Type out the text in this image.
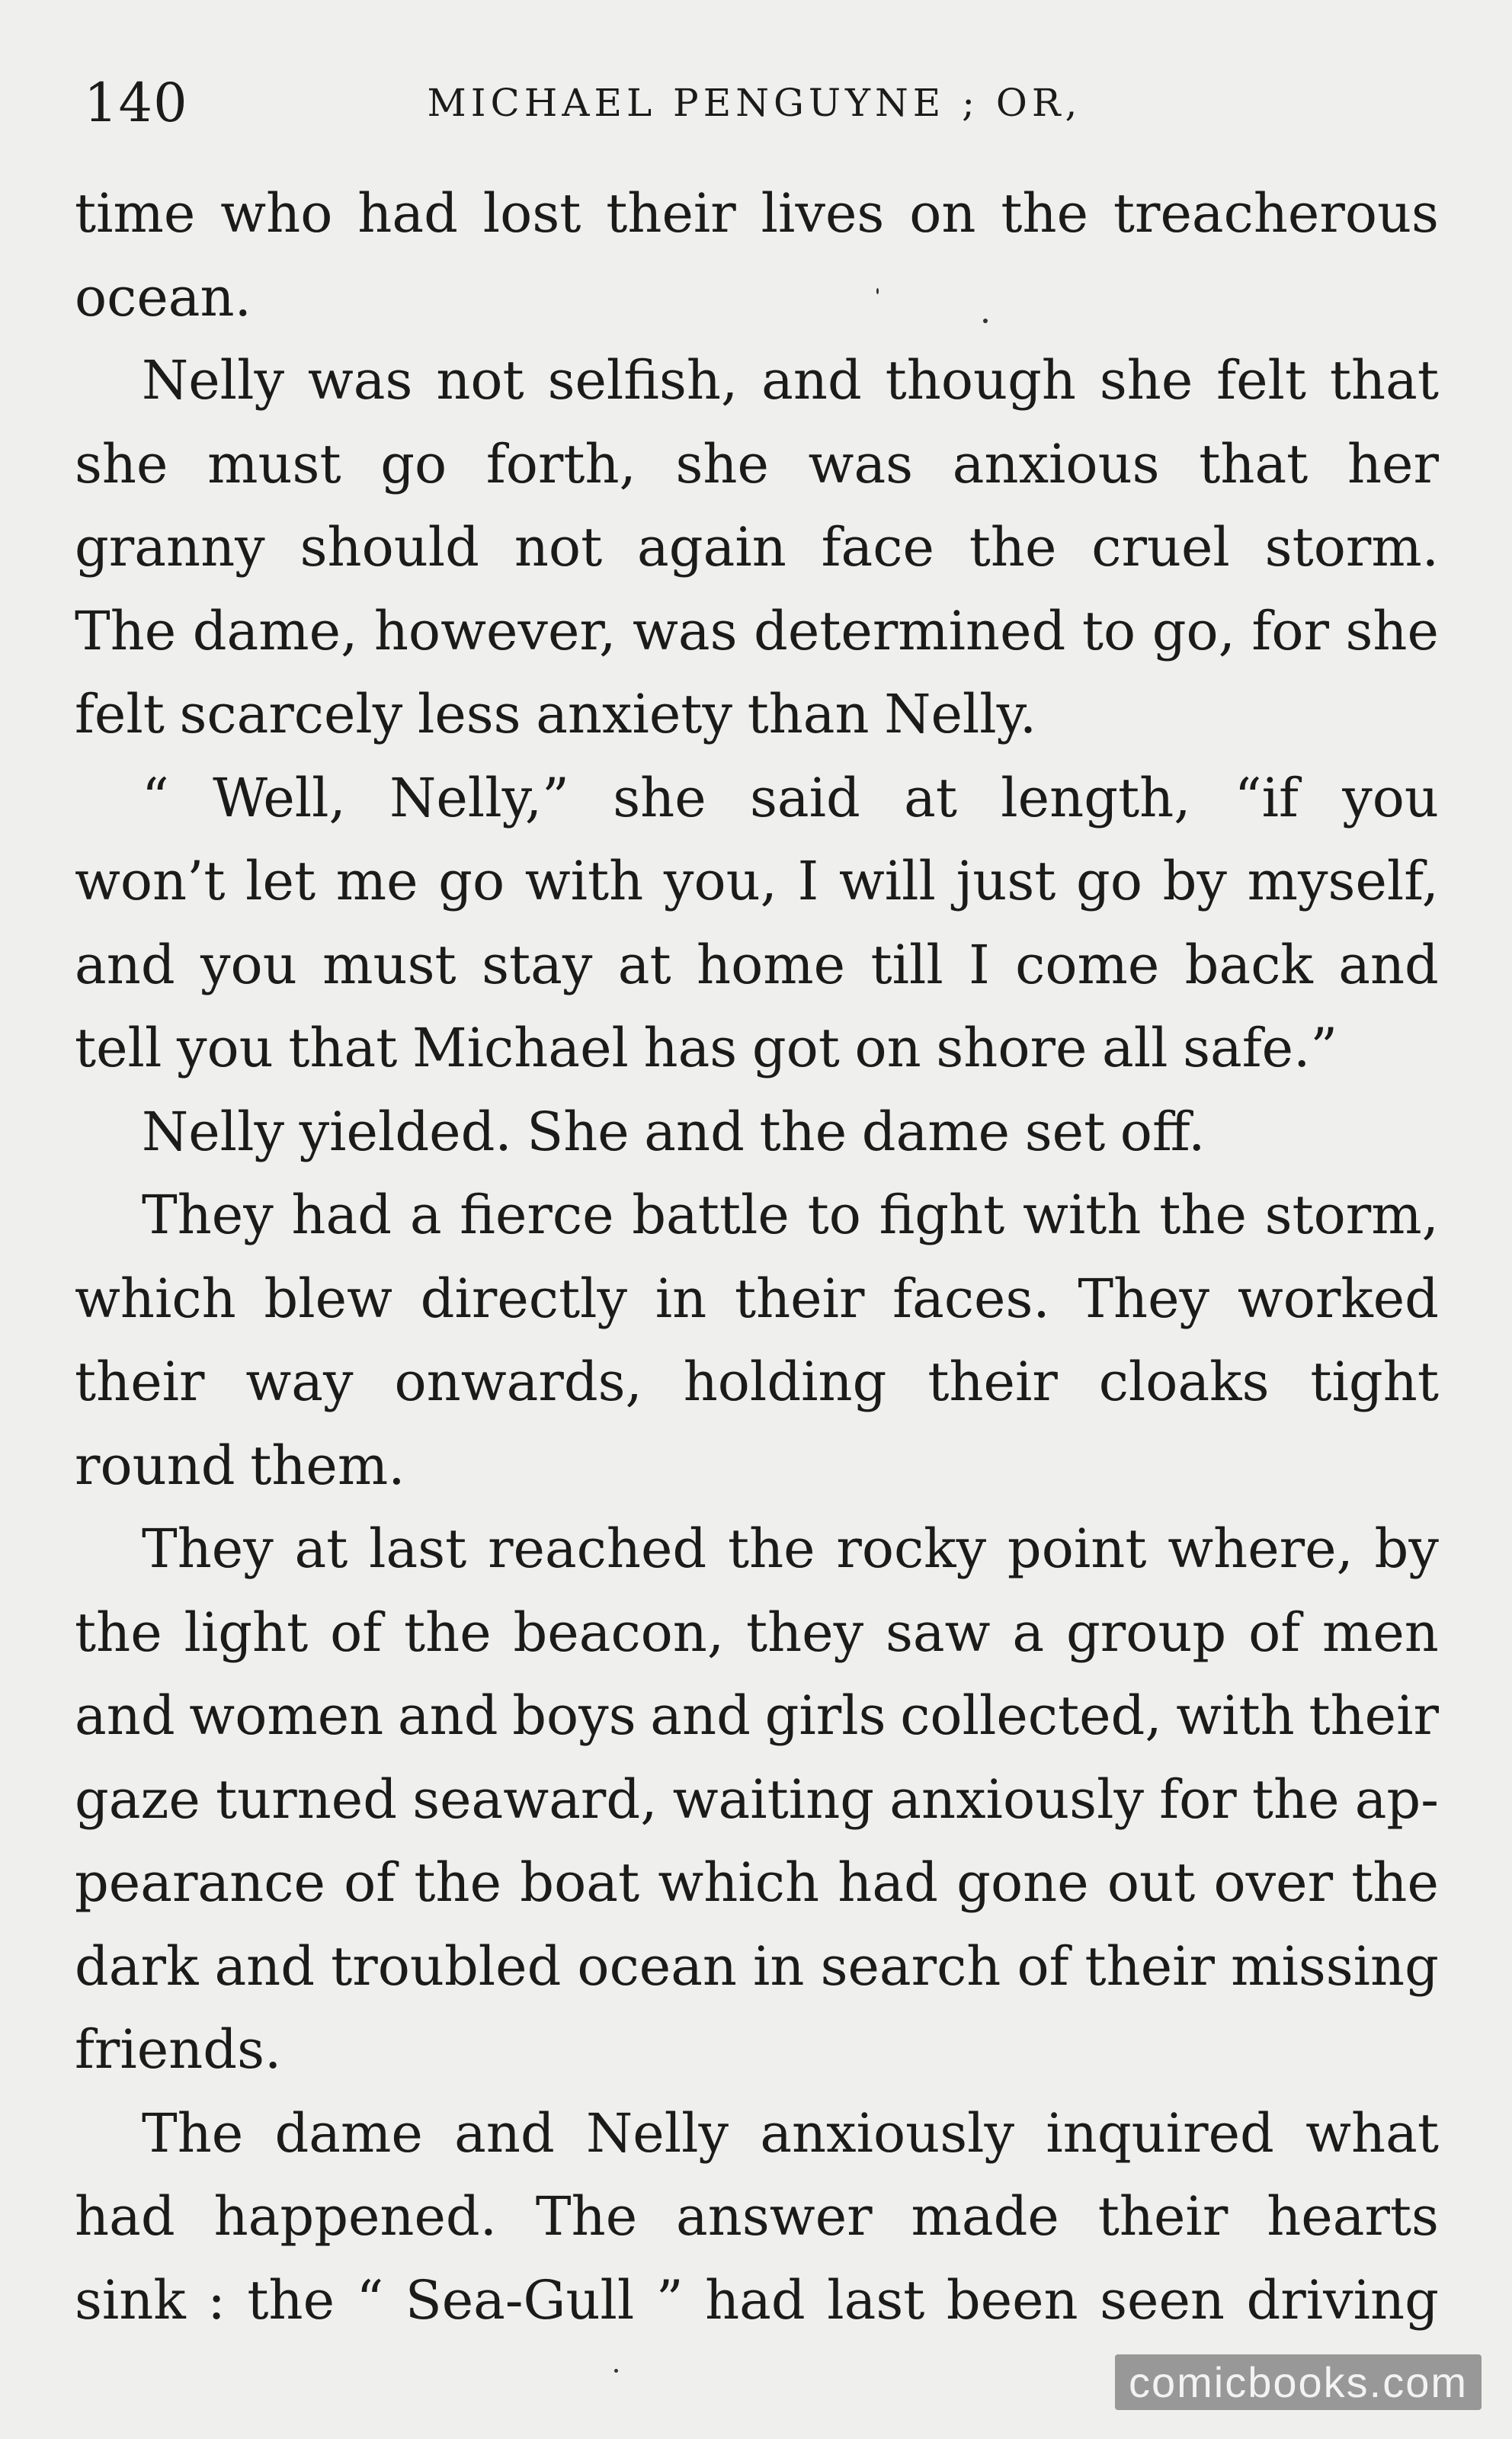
140	MICHAEL PENGUYNE ; OR,
time who had lost their lives on the treacherous
ocean.
Nelly was not selfish, and though she felt that
she must go forth, she was anxious that her
granny should not again face the cruel storm.
The dame, however, was determined to go, for she
felt scarcely less anxiety than Nelly.
“ Well, Nelly,” she said at length, “if you
won’t let me go with you, I will just go by myself,
and you must stay at home till I come back and
tell you that Michael has got on shore all safe.”
Nelly yielded. She and the dame set off.
They had a fierce battle to fight with the storm,
which blew directly in their faces. They worked
their way onwards, holding their cloaks tight
round them.
They at last reached the rocky point where, by
the light of the beacon, they saw a group of men
and women and boys and girls collected, with their
gaze turned seaward, waiting anxiously for the ap-
pearance of the boat which had gone out over the
dark and troubled ocean in search of their missing
friends.
The dame and Nelly anxiously inquired what
had happened. The answer made their hearts
sink : the “ Sea-Gull ” had last been seen driving
comicbooks.com
